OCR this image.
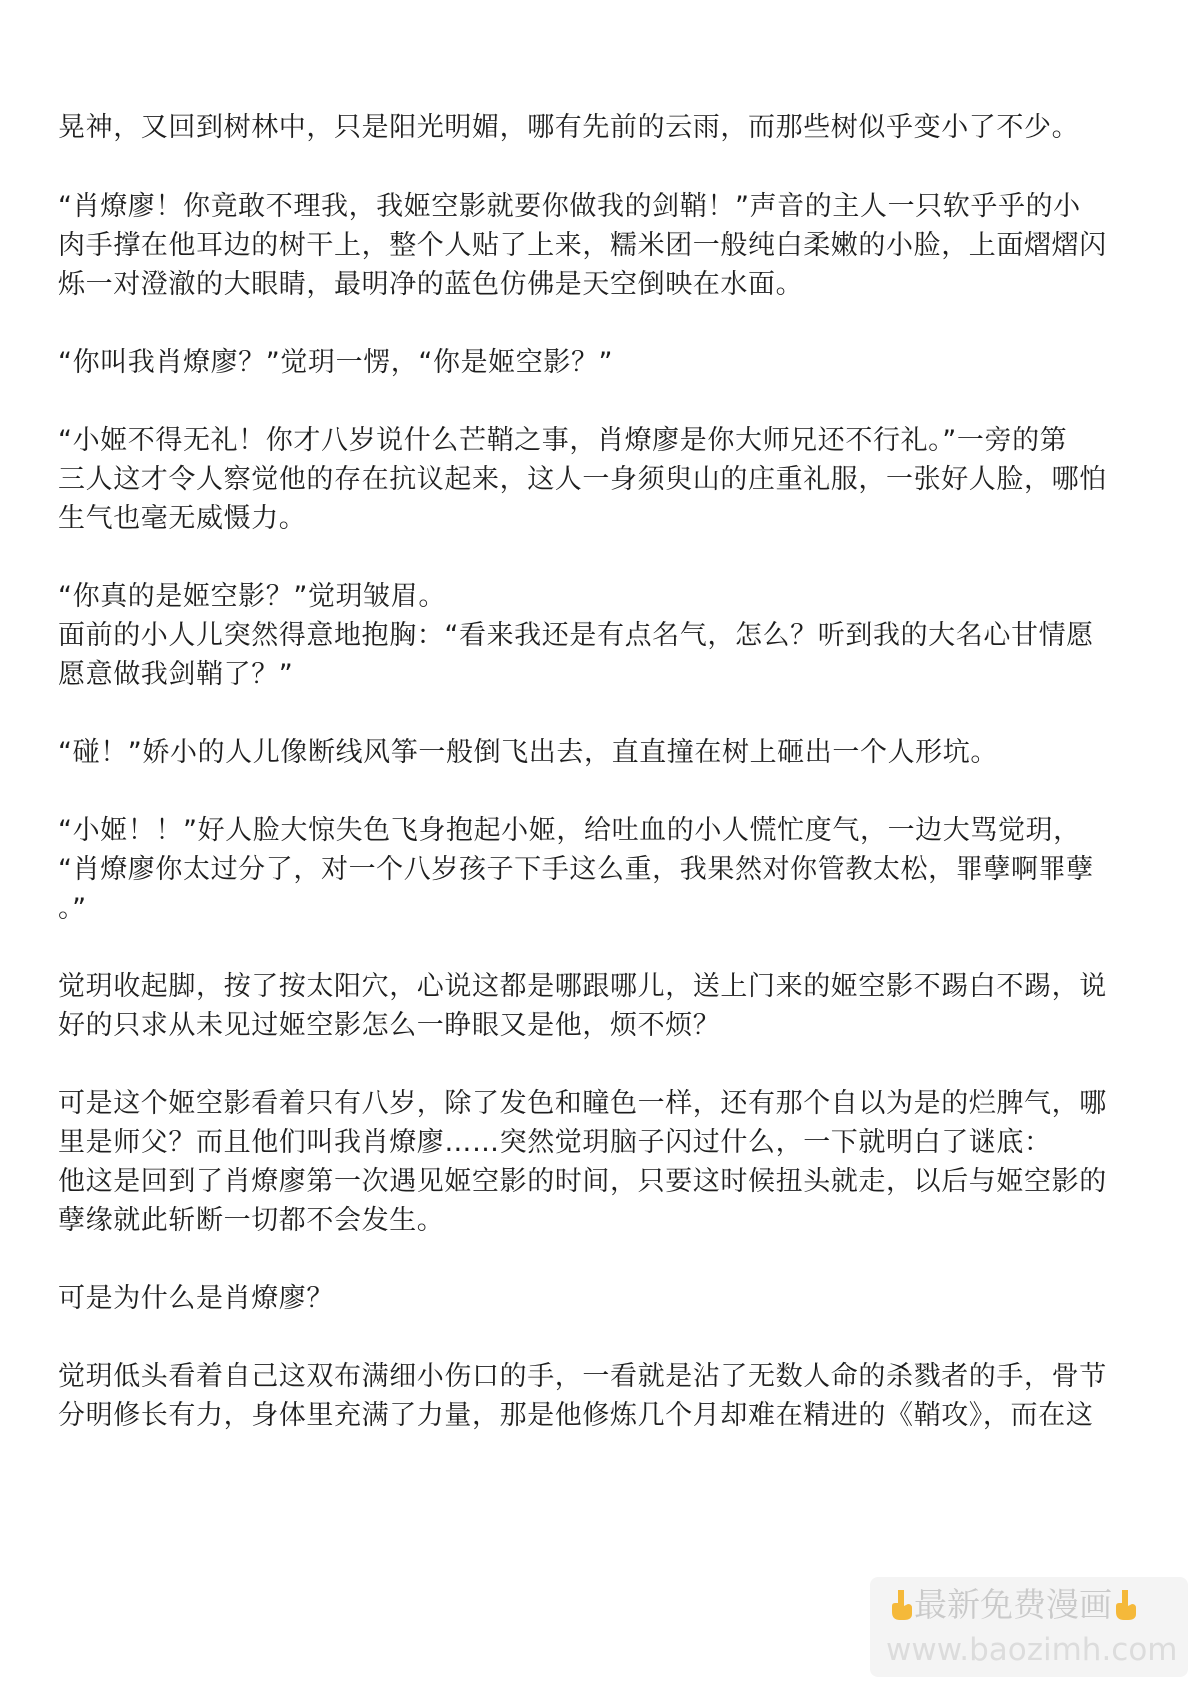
晃神，又回到树林中，只是阳光明媚，哪有先前的云雨，而那些树似乎变小了不少。

“肖燎廖！你竟敢不理我，我姬空影就要你做我的剑鞘！”声音的主人一只软乎乎的小
肉手撑在他耳边的树干上，整个人贴了上来，糯米团一般纯白柔嫩的小脸，上面熠熠闪
烁一对澄澈的大眼睛，最明净的蓝色仿佛是天空倒映在水面。

“你叫我肖燎廖？”觉玥一愣，“你是姬空影？”

“小姬不得无礼！你才八岁说什么芒鞘之事，肖燎廖是你大师兄还不行礼。”一旁的第
三人这才令人察觉他的存在抗议起来，这人一身须臾山的庄重礼服，一张好人脸，哪怕
生气也毫无威慑力。

“你真的是姬空影？”觉玥皱眉。
面前的小人儿突然得意地抱胸：“看来我还是有点名气，怎么？听到我的大名心甘情愿
愿意做我剑鞘了？”

“碰！”娇小的人儿像断线风筝一般倒飞出去，直直撞在树上砸出一个人形坑。

“小姬！！”好人脸大惊失色飞身抱起小姬，给吐血的小人慌忙度气，一边大骂觉玥，
“肖燎廖你太过分了，对一个八岁孩子下手这么重，我果然对你管教太松，罪孽啊罪孽
。”

觉玥收起脚，按了按太阳穴，心说这都是哪跟哪儿，送上门来的姬空影不踢白不踢，说
好的只求从未见过姬空影怎么一睁眼又是他，烦不烦？

可是这个姬空影看着只有八岁，除了发色和瞳色一样，还有那个自以为是的烂脾气，哪
里是师父？而且他们叫我肖燎廖……突然觉玥脑子闪过什么，一下就明白了谜底：
他这是回到了肖燎廖第一次遇见姬空影的时间，只要这时候扭头就走，以后与姬空影的
孽缘就此斩断一切都不会发生。

可是为什么是肖燎廖？

觉玥低头看着自己这双布满细小伤口的手，一看就是沾了无数人命的杀戮者的手，骨节
分明修长有力，身体里充满了力量，那是他修炼几个月却难在精进的《鞘攻》，而在这

最新免费漫画
www.baozimh.com
